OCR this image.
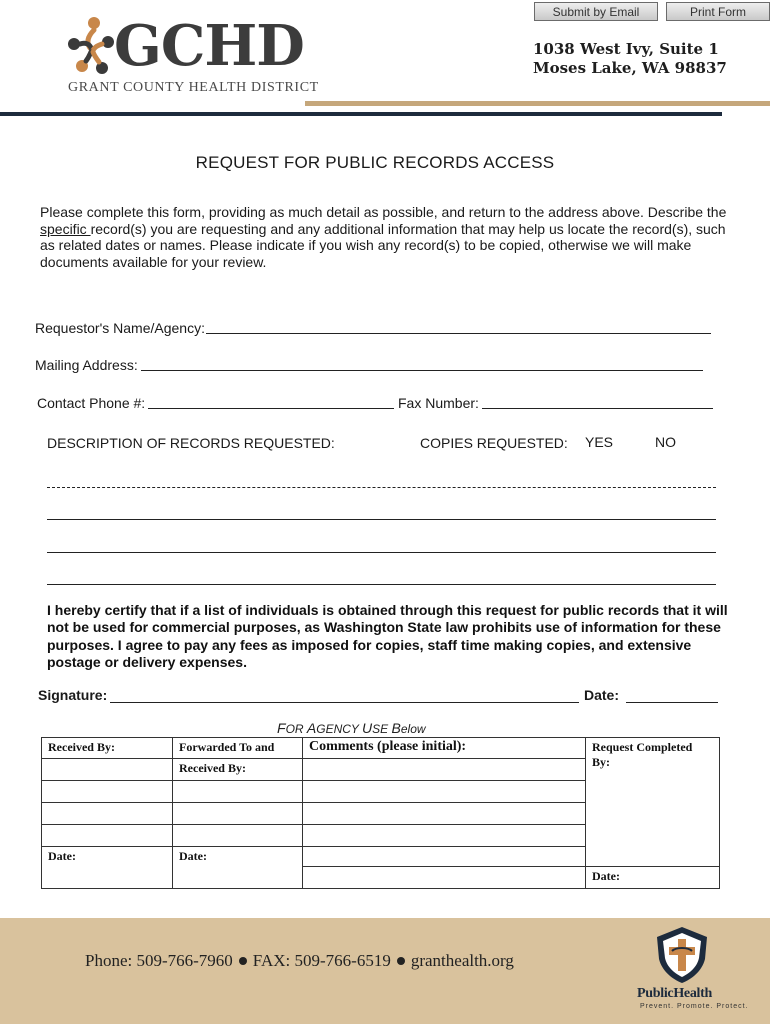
Submit by Email	Print Form
GCHD
GRANT COUNTY HEALTH DISTRICT
1038 West Ivy, Suite 1
Moses Lake, WA 98837
REQUEST FOR PUBLIC RECORDS ACCESS
Please complete this form, providing as much detail as possible, and return to the address above. Describe the specific record(s) you are requesting and any additional information that may help us locate the record(s), such as related dates or names. Please indicate if you wish any record(s) to be copied, otherwise we will make documents available for your review.
Requestor's Name/Agency:
Mailing Address:
Contact Phone #:	Fax Number:
DESCRIPTION OF RECORDS REQUESTED:	COPIES REQUESTED: YES	NO
I hereby certify that if a list of individuals is obtained through this request for public records that it will not be used for commercial purposes, as Washington State law prohibits use of information for these purposes. I agree to pay any fees as imposed for copies, staff time making copies, and extensive postage or delivery expenses.
Signature:	Date:
FOR AGENCY USE Below
Received By:	Forwarded To and	Comments (please initial):	Request Completed By:
	Received By:		

Date:	Date:		
			Date:
Phone: 509-766-7960 FAX: 509-766-6519 granthealth.org
PublicHealth
Prevent. Promote. Protect.
